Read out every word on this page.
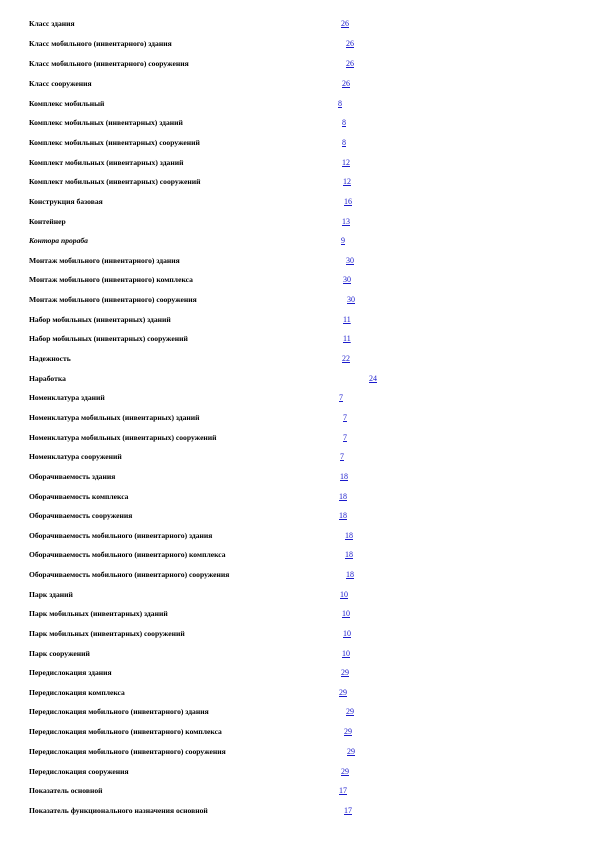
Класс здания	26
Класс мобильного (инвентарного) здания	26
Класс мобильного (инвентарного) сооружения	26
Класс сооружения	26
Комплекс мобильный	8
Комплекс мобильных (инвентарных) зданий	8
Комплекс мобильных (инвентарных) сооружений	8
Комплект мобильных (инвентарных) зданий	12
Комплект мобильных (инвентарных) сооружений	12
Конструкция базовая	16
Контейнер	13
Контора прораба	9
Монтаж мобильного (инвентарного) здания	30
Монтаж мобильного (инвентарного) комплекса	30
Монтаж мобильного (инвентарного) сооружения	30
Набор мобильных (инвентарных) зданий	11
Набор мобильных (инвентарных) сооружений	11
Надежность	22
Наработка	24
Номенклатура зданий	7
Номенклатура мобильных (инвентарных) зданий	7
Номенклатура мобильных (инвентарных) сооружений	7
Номенклатура сооружений	7
Оборачиваемость здания	18
Оборачиваемость комплекса	18
Оборачиваемость сооружения	18
Оборачиваемость мобильного (инвентарного) здания	18
Оборачиваемость мобильного (инвентарного) комплекса	18
Оборачиваемость мобильного (инвентарного) сооружения	18
Парк зданий	10
Парк мобильных (инвентарных) зданий	10
Парк мобильных (инвентарных) сооружений	10
Парк сооружений	10
Передислокация здания	29
Передислокация комплекса	29
Передислокация мобильного (инвентарного) здания	29
Передислокация мобильного (инвентарного) комплекса	29
Передислокация мобильного (инвентарного) сооружения	29
Передислокация сооружения	29
Показатель основной	17
Показатель функционального назначения основной	17
